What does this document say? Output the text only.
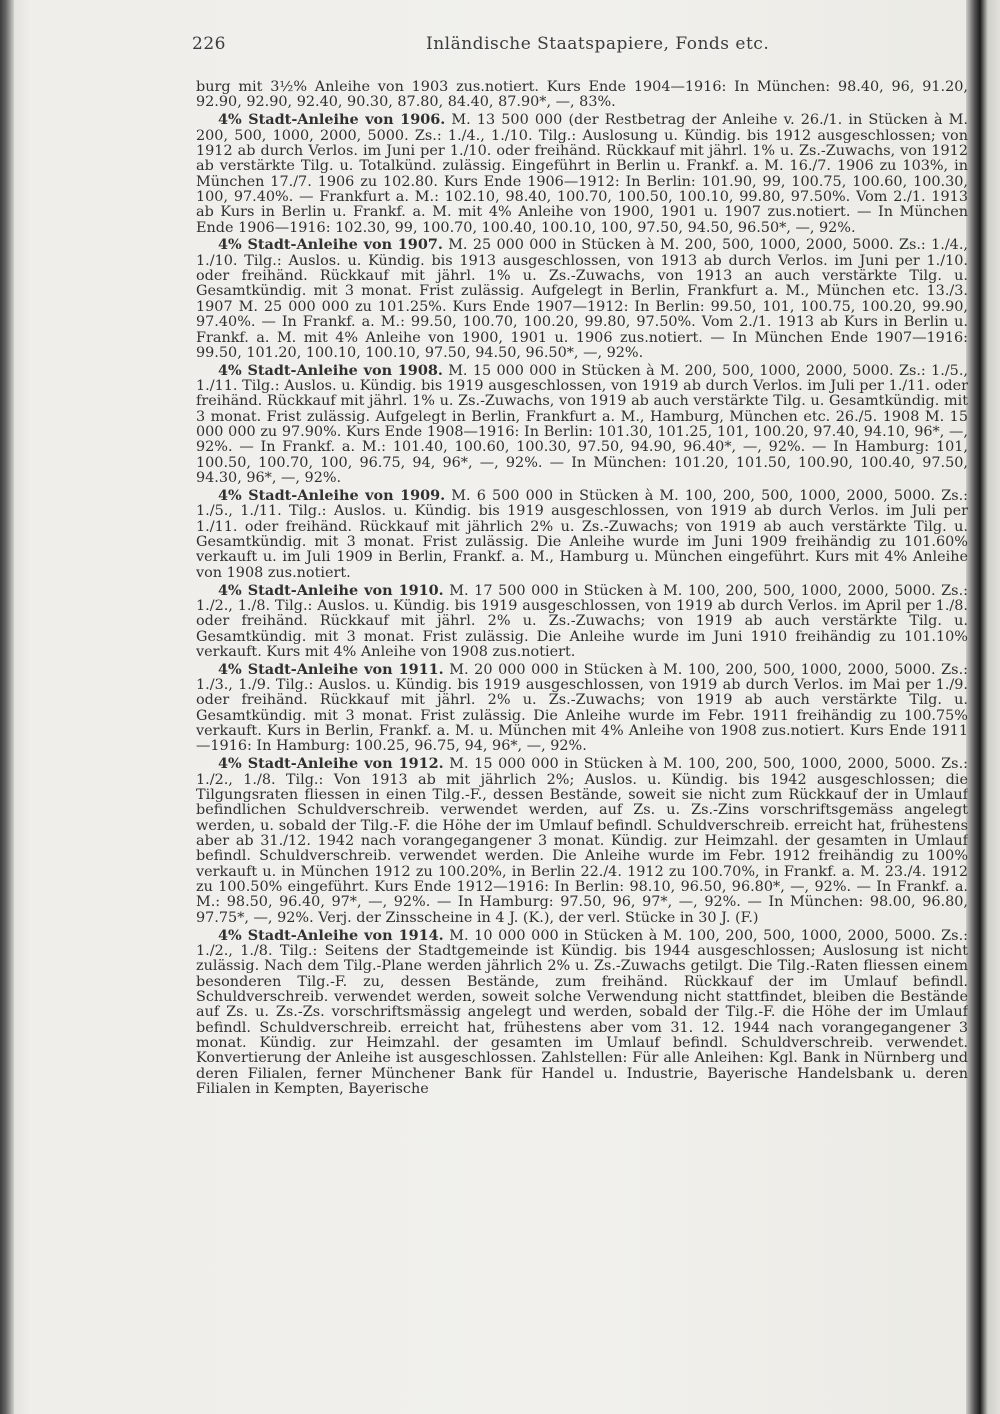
226	Inländische Staatspapiere, Fonds etc.

burg mit 3½% Anleihe von 1903 zus.notiert. Kurs Ende 1904—1916: In München: 98.40, 96, 91.20, 92.90, 92.90, 92.40, 90.30, 87.80, 84.40, 87.90*, —, 83%.

4% Stadt-Anleihe von 1906. M. 13 500 000 (der Restbetrag der Anleihe v. 26./1. in Stücken à M. 200, 500, 1000, 2000, 5000. Zs.: 1./4., 1./10. Tilg.: Auslosung u. Kündig. bis 1912 ausgeschlossen; von 1912 ab durch Verlos. im Juni per 1./10. oder freihänd. Rückkauf mit jährl. 1% u. Zs.-Zuwachs, von 1912 ab verstärkte Tilg. u. Totalkünd. zulässig. Eingeführt in Berlin u. Frankf. a. M. 16./7. 1906 zu 103%, in München 17./7. 1906 zu 102.80. Kurs Ende 1906—1912: In Berlin: 101.90, 99, 100.75, 100.60, 100.30, 100, 97.40%. — Frankfurt a. M.: 102.10, 98.40, 100.70, 100.50, 100.10, 99.80, 97.50%. Vom 2./1. 1913 ab Kurs in Berlin u. Frankf. a. M. mit 4% Anleihe von 1900, 1901 u. 1907 zus.notiert. — In München Ende 1906—1916: 102.30, 99, 100.70, 100.40, 100.10, 100, 97.50, 94.50, 96.50*, —, 92%.

4% Stadt-Anleihe von 1907. M. 25 000 000 in Stücken à M. 200, 500, 1000, 2000, 5000. Zs.: 1./4., 1./10. Tilg.: Auslos. u. Kündig. bis 1913 ausgeschlossen, von 1913 ab durch Verlos. im Juni per 1./10. oder freihänd. Rückkauf mit jährl. 1% u. Zs.-Zuwachs, von 1913 an auch verstärkte Tilg. u. Gesamtkündig. mit 3 monat. Frist zulässig. Aufgelegt in Berlin, Frankfurt a. M., München etc. 13./3. 1907 M. 25 000 000 zu 101.25%. Kurs Ende 1907—1912: In Berlin: 99.50, 101, 100.75, 100.20, 99.90, 97.40%. — In Frankf. a. M.: 99.50, 100.70, 100.20, 99.80, 97.50%. Vom 2./1. 1913 ab Kurs in Berlin u. Frankf. a. M. mit 4% Anleihe von 1900, 1901 u. 1906 zus.notiert. — In München Ende 1907—1916: 99.50, 101.20, 100.10, 100.10, 97.50, 94.50, 96.50*, —, 92%.

4% Stadt-Anleihe von 1908. M. 15 000 000 in Stücken à M. 200, 500, 1000, 2000, 5000. Zs.: 1./5., 1./11. Tilg.: Auslos. u. Kündig. bis 1919 ausgeschlossen, von 1919 ab durch Verlos. im Juli per 1./11. oder freihänd. Rückkauf mit jährl. 1% u. Zs.-Zuwachs, von 1919 ab auch verstärkte Tilg. u. Gesamtkündig. mit 3 monat. Frist zulässig. Aufgelegt in Berlin, Frankfurt a. M., Hamburg, München etc. 26./5. 1908 M. 15 000 000 zu 97.90%. Kurs Ende 1908—1916: In Berlin: 101.30, 101.25, 101, 100.20, 97.40, 94.10, 96*, —, 92%. — In Frankf. a. M.: 101.40, 100.60, 100.30, 97.50, 94.90, 96.40*, —, 92%. — In Hamburg: 101, 100.50, 100.70, 100, 96.75, 94, 96*, —, 92%. — In München: 101.20, 101.50, 100.90, 100.40, 97.50, 94.30, 96*, —, 92%.

4% Stadt-Anleihe von 1909. M. 6 500 000 in Stücken à M. 100, 200, 500, 1000, 2000, 5000. Zs.: 1./5., 1./11. Tilg.: Auslos. u. Kündig. bis 1919 ausgeschlossen, von 1919 ab durch Verlos. im Juli per 1./11. oder freihänd. Rückkauf mit jährlich 2% u. Zs.-Zuwachs; von 1919 ab auch verstärkte Tilg. u. Gesamtkündig. mit 3 monat. Frist zulässig. Die Anleihe wurde im Juni 1909 freihändig zu 101.60% verkauft u. im Juli 1909 in Berlin, Frankf. a. M., Hamburg u. München eingeführt. Kurs mit 4% Anleihe von 1908 zus.notiert.

4% Stadt-Anleihe von 1910. M. 17 500 000 in Stücken à M. 100, 200, 500, 1000, 2000, 5000. Zs.: 1./2., 1./8. Tilg.: Auslos. u. Kündig. bis 1919 ausgeschlossen, von 1919 ab durch Verlos. im April per 1./8. oder freihänd. Rückkauf mit jährl. 2% u. Zs.-Zuwachs; von 1919 ab auch verstärkte Tilg. u. Gesamtkündig. mit 3 monat. Frist zulässig. Die Anleihe wurde im Juni 1910 freihändig zu 101.10% verkauft. Kurs mit 4% Anleihe von 1908 zus.notiert.

4% Stadt-Anleihe von 1911. M. 20 000 000 in Stücken à M. 100, 200, 500, 1000, 2000, 5000. Zs.: 1./3., 1./9. Tilg.: Auslos. u. Kündig. bis 1919 ausgeschlossen, von 1919 ab durch Verlos. im Mai per 1./9. oder freihänd. Rückkauf mit jährl. 2% u. Zs.-Zuwachs; von 1919 ab auch verstärkte Tilg. u. Gesamtkündig. mit 3 monat. Frist zulässig. Die Anleihe wurde im Febr. 1911 freihändig zu 100.75% verkauft. Kurs in Berlin, Frankf. a. M. u. München mit 4% Anleihe von 1908 zus.notiert. Kurs Ende 1911—1916: In Hamburg: 100.25, 96.75, 94, 96*, —, 92%.

4% Stadt-Anleihe von 1912. M. 15 000 000 in Stücken à M. 100, 200, 500, 1000, 2000, 5000. Zs.: 1./2., 1./8. Tilg.: Von 1913 ab mit jährlich 2%; Auslos. u. Kündig. bis 1942 ausgeschlossen; die Tilgungsraten fliessen in einen Tilg.-F., dessen Bestände, soweit sie nicht zum Rückkauf der in Umlauf befindlichen Schuldverschreib. verwendet werden, auf Zs. u. Zs.-Zins vorschriftsgemäss angelegt werden, u. sobald der Tilg.-F. die Höhe der im Umlauf befindl. Schuldverschreib. erreicht hat, frühestens aber ab 31./12. 1942 nach vorangegangener 3 monat. Kündig. zur Heimzahl. der gesamten in Umlauf befindl. Schuldverschreib. verwendet werden. Die Anleihe wurde im Febr. 1912 freihändig zu 100% verkauft u. in München 1912 zu 100.20%, in Berlin 22./4. 1912 zu 100.70%, in Frankf. a. M. 23./4. 1912 zu 100.50% eingeführt. Kurs Ende 1912—1916: In Berlin: 98.10, 96.50, 96.80*, —, 92%. — In Frankf. a. M.: 98.50, 96.40, 97*, —, 92%. — In Hamburg: 97.50, 96, 97*, —, 92%. — In München: 98.00, 96.80, 97.75*, —, 92%. Verj. der Zinsscheine in 4 J. (K.), der verl. Stücke in 30 J. (F.)

4% Stadt-Anleihe von 1914. M. 10 000 000 in Stücken à M. 100, 200, 500, 1000, 2000, 5000. Zs.: 1./2., 1./8. Tilg.: Seitens der Stadtgemeinde ist Kündig. bis 1944 ausgeschlossen; Auslosung ist nicht zulässig. Nach dem Tilg.-Plane werden jährlich 2% u. Zs.-Zuwachs getilgt. Die Tilg.-Raten fliessen einem besonderen Tilg.-F. zu, dessen Bestände, zum freihänd. Rückkauf der im Umlauf befindl. Schuldverschreib. verwendet werden, soweit solche Verwendung nicht stattfindet, bleiben die Bestände auf Zs. u. Zs.-Zs. vorschriftsmässig angelegt und werden, sobald der Tilg.-F. die Höhe der im Umlauf befindl. Schuldverschreib. erreicht hat, frühestens aber vom 31. 12. 1944 nach vorangegangener 3 monat. Kündig. zur Heimzahl. der gesamten im Umlauf befindl. Schuldverschreib. verwendet. Konvertierung der Anleihe ist ausgeschlossen. Zahlstellen: Für alle Anleihen: Kgl. Bank in Nürnberg und deren Filialen, ferner Münchener Bank für Handel u. Industrie, Bayerische Handelsbank u. deren Filialen in Kempten, Bayerische
